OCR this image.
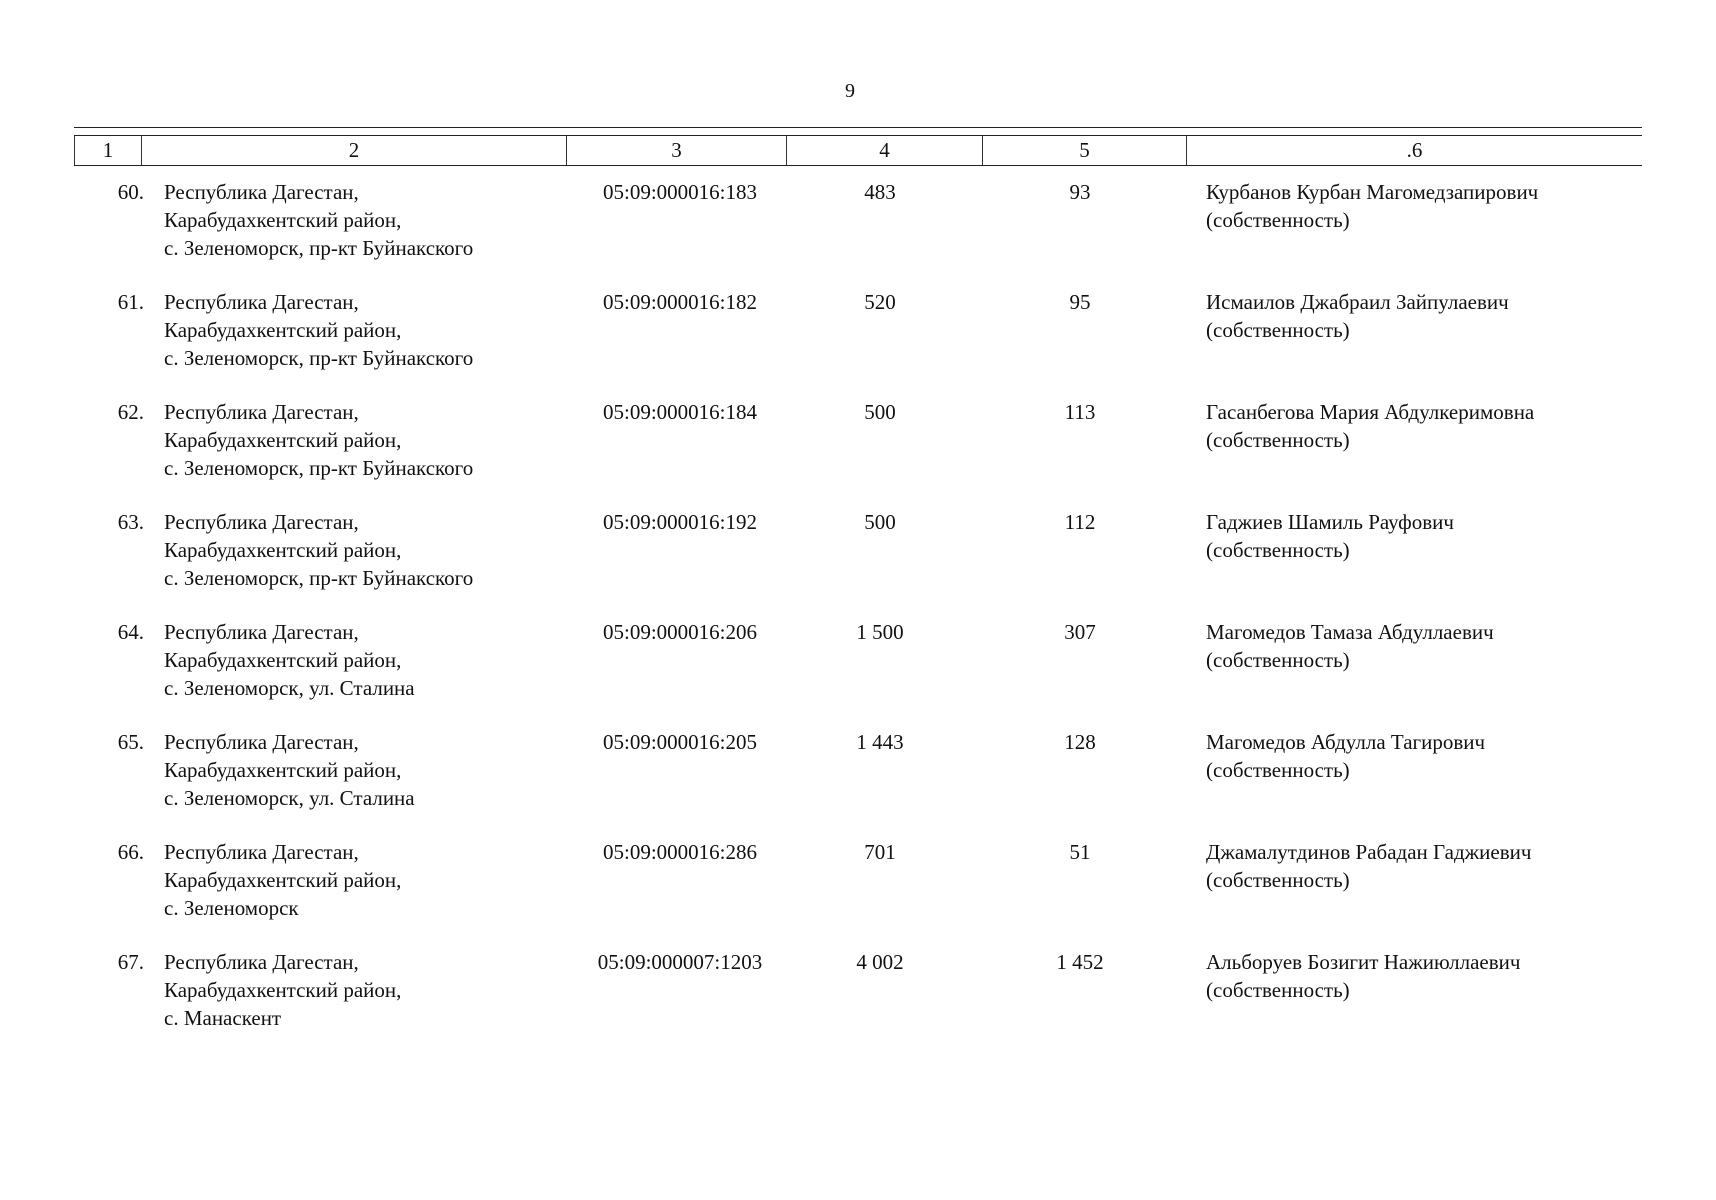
9
1	2	3	4	5	.6
60. Республика Дагестан,
Карабудахкентский район,
с. Зеленоморск, пр-кт Буйнакского
05:09:000016:183	483	93	Курбанов Курбан Магомедзапирович
(собственность)
61. Республика Дагестан,
Карабудахкентский район,
с. Зеленоморск, пр-кт Буйнакского
05:09:000016:182	520	95	Исмаилов Джабраил Зайпулаевич
(собственность)
62. Республика Дагестан,
Карабудахкентский район,
с. Зеленоморск, пр-кт Буйнакского
05:09:000016:184	500	113	Гасанбегова Мария Абдулкеримовна
(собственность)
63. Республика Дагестан,
Карабудахкентский район,
с. Зеленоморск, пр-кт Буйнакского
05:09:000016:192	500	112	Гаджиев Шамиль Рауфович
(собственность)
64. Республика Дагестан,
Карабудахкентский район,
с. Зеленоморск, ул. Сталина
05:09:000016:206	1 500	307	Магомедов Тамаза Абдуллаевич
(собственность)
65. Республика Дагестан,
Карабудахкентский район,
с. Зеленоморск, ул. Сталина
05:09:000016:205	1 443	128	Магомедов Абдулла Тагирович
(собственность)
66. Республика Дагестан,
Карабудахкентский район,
с. Зеленоморск
05:09:000016:286	701	51	Джамалутдинов Рабадан Гаджиевич
(собственность)
67. Республика Дагестан,
Карабудахкентский район,
с. Манаскент
05:09:000007:1203	4 002	1 452	Альборуев Бозигит Нажиюллаевич
(собственность)
